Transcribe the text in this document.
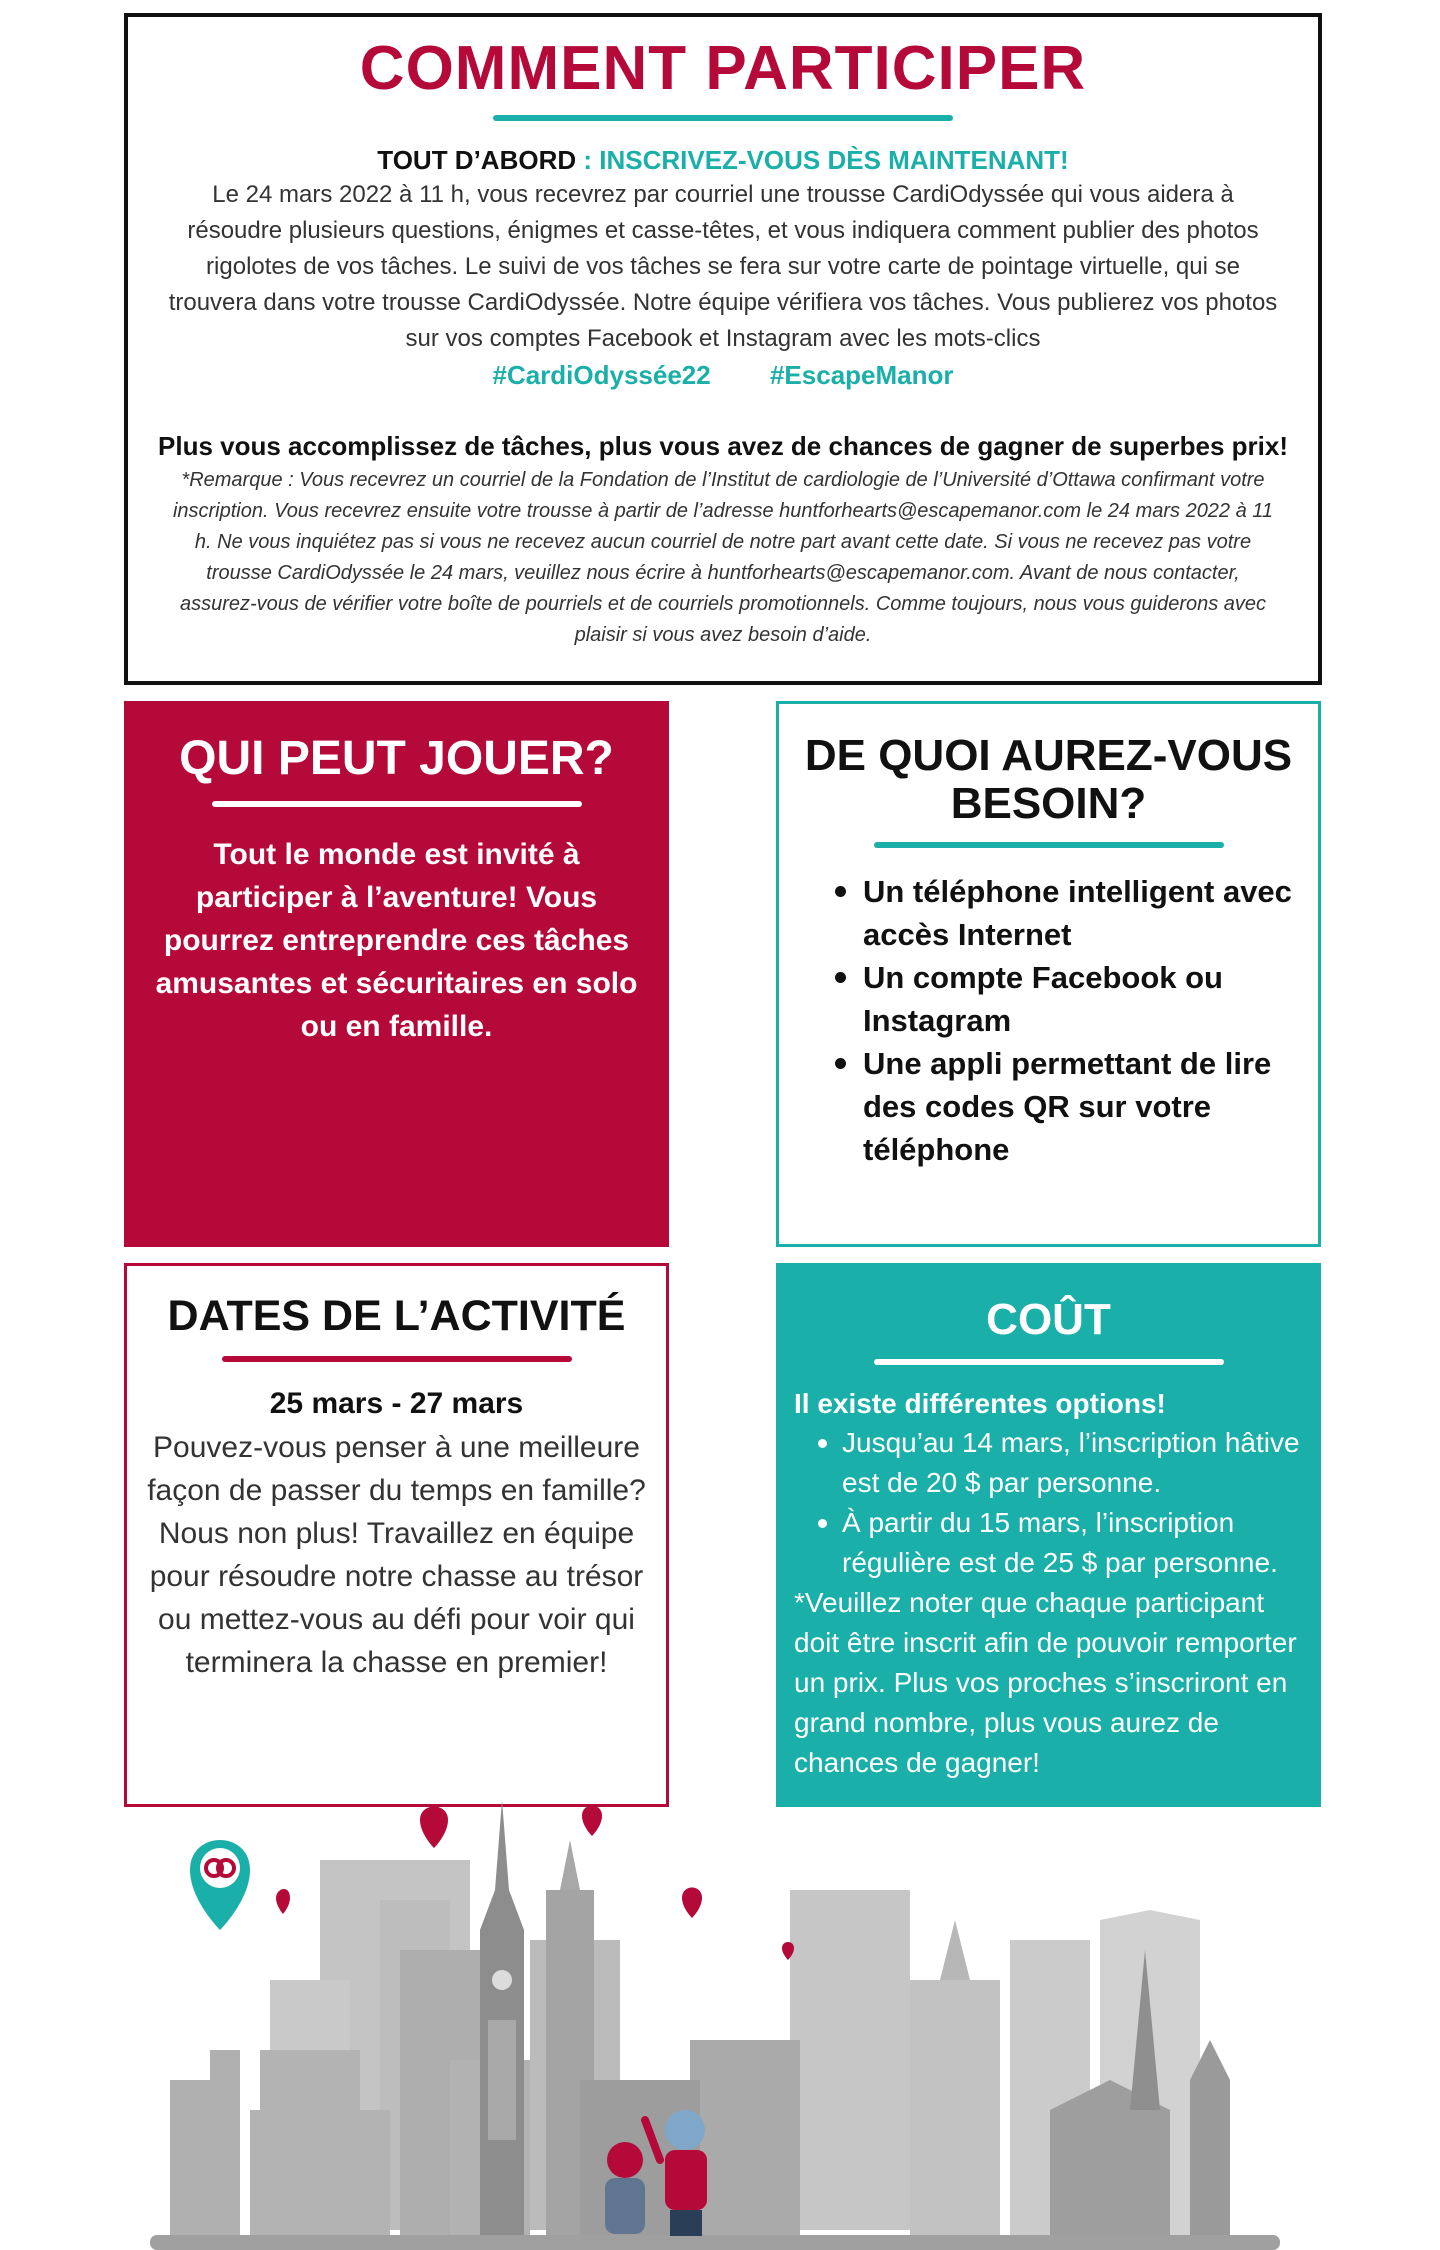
COMMENT PARTICIPER
TOUT D’ABORD : INSCRIVEZ-VOUS DÈS MAINTENANT!
Le 24 mars 2022 à 11 h, vous recevrez par courriel une trousse CardiOdyssée qui vous aidera à résoudre plusieurs questions, énigmes et casse-têtes, et vous indiquera comment publier des photos rigolotes de vos tâches. Le suivi de vos tâches se fera sur votre carte de pointage virtuelle, qui se trouvera dans votre trousse CardiOdyssée. Notre équipe vérifiera vos tâches. Vous publierez vos photos sur vos comptes Facebook et Instagram avec les mots-clics
#CardiOdyssée22 #EscapeManor
Plus vous accomplissez de tâches, plus vous avez de chances de gagner de superbes prix!
*Remarque : Vous recevrez un courriel de la Fondation de l’Institut de cardiologie de l’Université d’Ottawa confirmant votre inscription. Vous recevrez ensuite votre trousse à partir de l’adresse huntforhearts@escapemanor.com le 24 mars 2022 à 11 h. Ne vous inquiétez pas si vous ne recevez aucun courriel de notre part avant cette date. Si vous ne recevez pas votre trousse CardiOdyssée le 24 mars, veuillez nous écrire à huntforhearts@escapemanor.com. Avant de nous contacter, assurez-vous de vérifier votre boîte de pourriels et de courriels promotionnels. Comme toujours, nous vous guiderons avec plaisir si vous avez besoin d’aide.
QUI PEUT JOUER?
Tout le monde est invité à participer à l’aventure! Vous pourrez entreprendre ces tâches amusantes et sécuritaires en solo ou en famille.
DE QUOI AUREZ-VOUS BESOIN?
Un téléphone intelligent avec accès Internet
Un compte Facebook ou Instagram
Une appli permettant de lire des codes QR sur votre téléphone
DATES DE L’ACTIVITÉ
25 mars - 27 mars
Pouvez-vous penser à une meilleure façon de passer du temps en famille? Nous non plus! Travaillez en équipe pour résoudre notre chasse au trésor ou mettez-vous au défi pour voir qui terminera la chasse en premier!
COÛT
Il existe différentes options!
Jusqu’au 14 mars, l’inscription hâtive est de 20 $ par personne.
À partir du 15 mars, l’inscription régulière est de 25 $ par personne.
*Veuillez noter que chaque participant doit être inscrit afin de pouvoir remporter un prix. Plus vos proches s’inscriront en grand nombre, plus vous aurez de chances de gagner!
